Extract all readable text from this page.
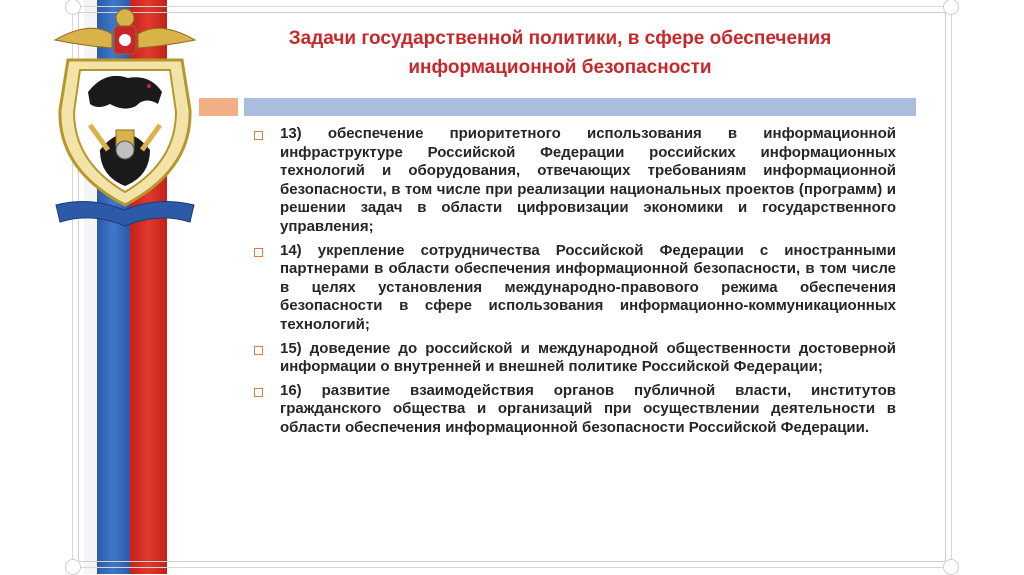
Задачи государственной политики, в сфере обеспечения
информационной безопасности
13) обеспечение приоритетного использования в информационной инфраструктуре Российской Федерации российских информационных технологий и оборудования, отвечающих требованиям информационной безопасности, в том числе при реализации национальных проектов (программ) и решении задач в области цифровизации экономики и государственного управления;
14) укрепление сотрудничества Российской Федерации с иностранными партнерами в области обеспечения информационной безопасности, в том числе в целях установления международно-правового режима обеспечения безопасности в сфере использования информационно-коммуникационных технологий;
15) доведение до российской и международной общественности достоверной информации о внутренней и внешней политике Российской Федерации;
16) развитие взаимодействия органов публичной власти, институтов гражданского общества и организаций при осуществлении деятельности в области обеспечения информационной безопасности Российской Федерации.
